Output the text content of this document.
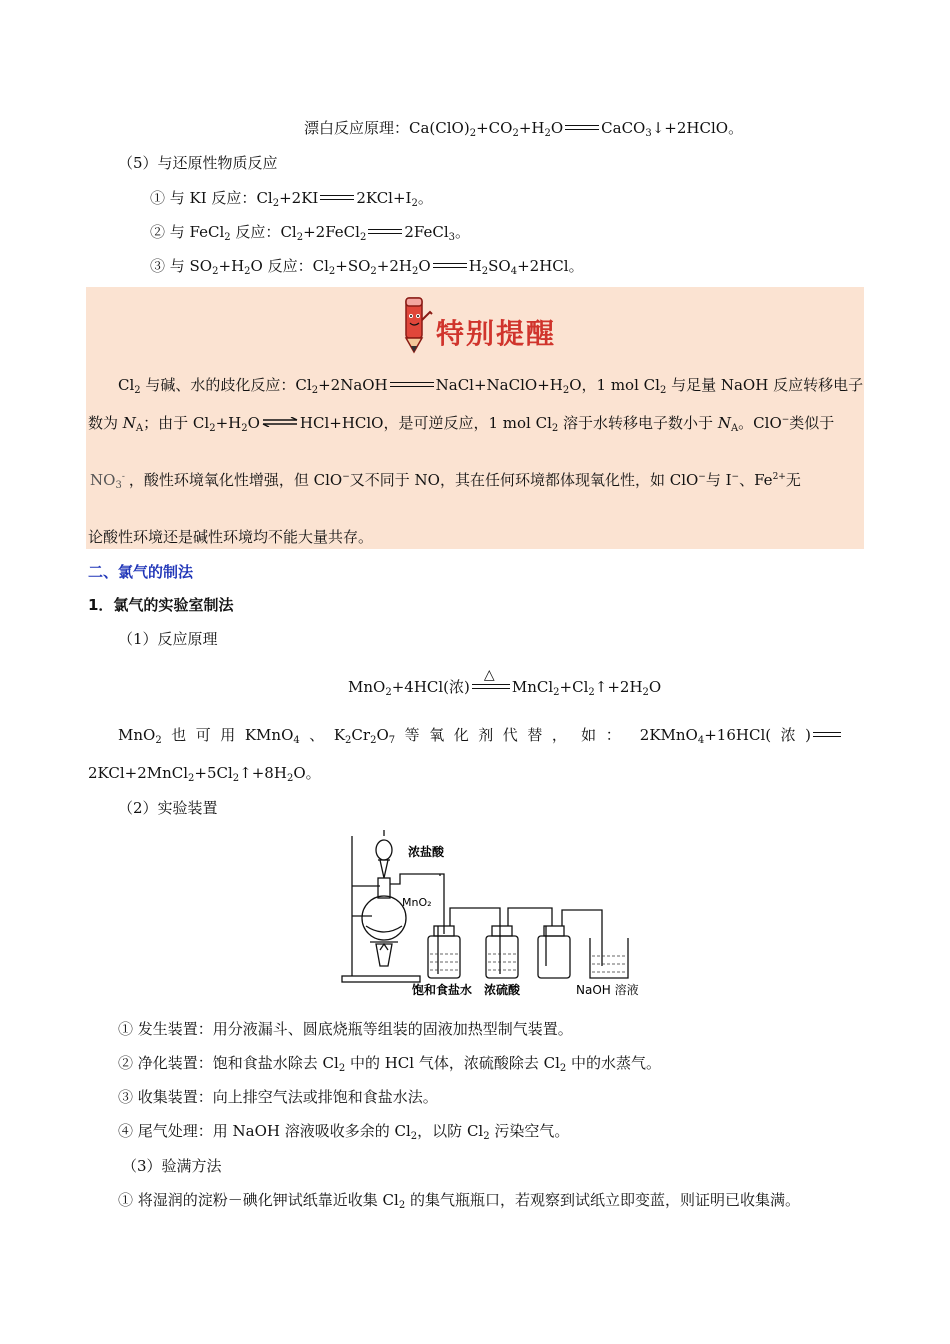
漂白反应原理：$Ca(ClO)_2+CO_2+H_2O$	CaCO$_3$↓+2HClO。
（5）与还原性物质反应
① 与 KI 反应：$Cl_2+2KI$	$2KCl+I_2$。
② 与 FeCl$_2$ 反应：$Cl_2+2FeCl_2$	2FeCl$_3$。
③ 与 $SO_2+H_2O$ 反应：$Cl_2+SO_2+2H_2O$	$H_2SO_4+2HCl$。
特别提醒
$Cl_2$ 与碱、水的歧化反应：$Cl_2+2NaOH$	$NaCl+NaClO+H_2O$，1 mol $Cl_2$ 与足量 NaOH 反应转移电子
数为 $N_A$；由于 $Cl_2+H_2O$ ⇌ HCl+HClO，是可逆反应，1 mol $Cl_2$ 溶于水转移电子数小于 $N_A$。ClO−类似于
$NO_3^-$ ，酸性环境氧化性增强，但 ClO−又不同于 NO，其在任何环境都体现氧化性，如 ClO−与 I−、$Fe^{2+}$无
论酸性环境还是碱性环境均不能大量共存。
二、氯气的制法
1．氯气的实验室制法
（1）反应原理
MnO$_2$+4HCl(浓)
△
$MnCl_2+Cl_2↑+2H_2O$
MnO$_2$  也  可  用  KMnO$_4$  、  $K_2Cr_2O_7$  等  氧  化  剂  代  替  ，   如  ：    2KMnO$_4$+16HCl(  浓  )
$2KCl+2MnCl_2+5Cl_2↑+8H_2O$。
（2）实验装置
浓盐酸
MnO₂
饱和食盐水 浓硫酸	NaOH 溶液
① 发生装置：用分液漏斗、圆底烧瓶等组装的固液加热型制气装置。
② 净化装置：饱和食盐水除去 $Cl_2$ 中的 HCl 气体，浓硫酸除去 $Cl_2$ 中的水蒸气。
③ 收集装置：向上排空气法或排饱和食盐水法。
④ 尾气处理：用 NaOH 溶液吸收多余的 $Cl_2$，以防 $Cl_2$ 污染空气。
（3）验满方法
① 将湿润的淀粉－碘化钾试纸靠近收集 $Cl_2$ 的集气瓶瓶口，若观察到试纸立即变蓝，则证明已收集满。
